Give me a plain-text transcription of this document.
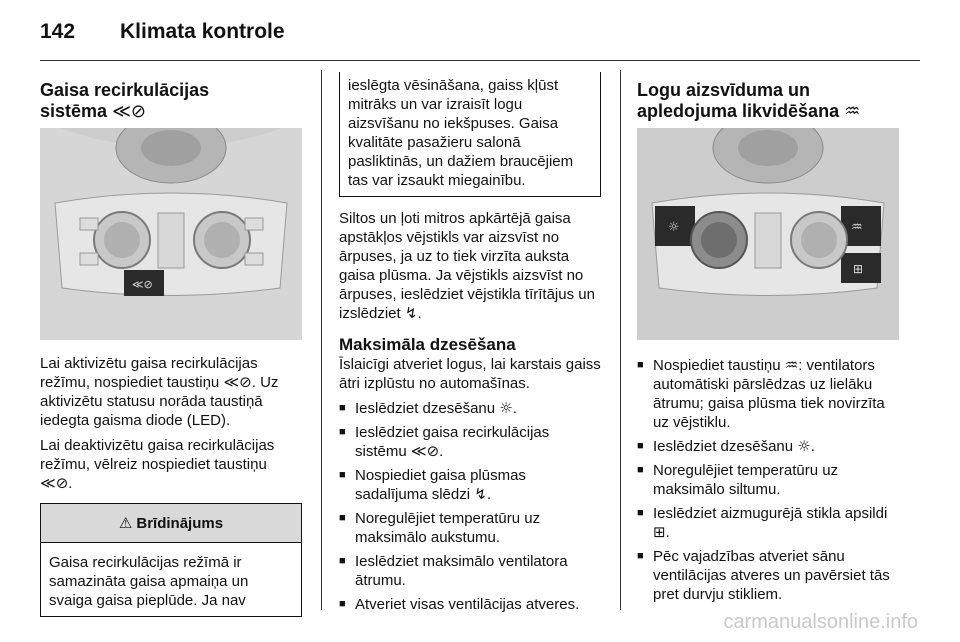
142 Klimata kontrole
Gaisa recirkulācijas
sistēma ≪⊘
≪⊘

Lai aktivizētu gaisa recirkulācijas režīmu, nospiediet taustiņu ≪⊘. Uz aktivizētu statusu norāda taustiņā iedegta gaisma diode (LED).

Lai deaktivizētu gaisa recirkulācijas režīmu, vēlreiz nospiediet taustiņu ≪⊘.

⚠ Brīdinājums
Gaisa recirkulācijas režīmā ir samazināta gaisa apmaiņa un svaiga gaisa pieplūde. Ja nav
ieslēgta vēsināšana, gaiss kļūst mitrāks un var izraisīt logu aizsvīšanu no iekšpuses. Gaisa kvalitāte pasažieru salonā pasliktinās, un dažiem braucējiem tas var izsaukt miegainību.

Siltos un ļoti mitros apkārtējā gaisa apstākļos vējstikls var aizsvīst no ārpuses, ja uz to tiek virzīta auksta gaisa plūsma. Ja vējstikls aizsvīst no ārpuses, ieslēdziet vējstikla tīrītājus un izslēdziet ↯.

Maksimāla dzesēšana

Īslaicīgi atveriet logus, lai karstais gaiss ātri izplūstu no automašīnas.

■ Ieslēdziet dzesēšanu ☼.
■ Ieslēdziet gaisa recirkulācijas sistēmu ≪⊘.
■ Nospiediet gaisa plūsmas sadalījuma slēdzi ↯.
■ Noregulējiet temperatūru uz maksimālo aukstumu.
■ Ieslēdziet maksimālo ventilatora ātrumu.
■ Atveriet visas ventilācijas atveres.
Logu aizsvīduma un
apledojuma likvidēšana ♒
☼	♒
⊞
■ Nospiediet taustiņu ♒: ventilators automātiski pārslēdzas uz lielāku ātrumu; gaisa plūsma tiek novirzīta uz vējstiklu.
■ Ieslēdziet dzesēšanu ☼.
■ Noregulējiet temperatūru uz maksimālo siltumu.
■ Ieslēdziet aizmugurējā stikla apsildi ⊞.
■ Pēc vajadzības atveriet sānu ventilācijas atveres un pavērsiet tās pret durvju stikliem.
carmanualsonline.info
